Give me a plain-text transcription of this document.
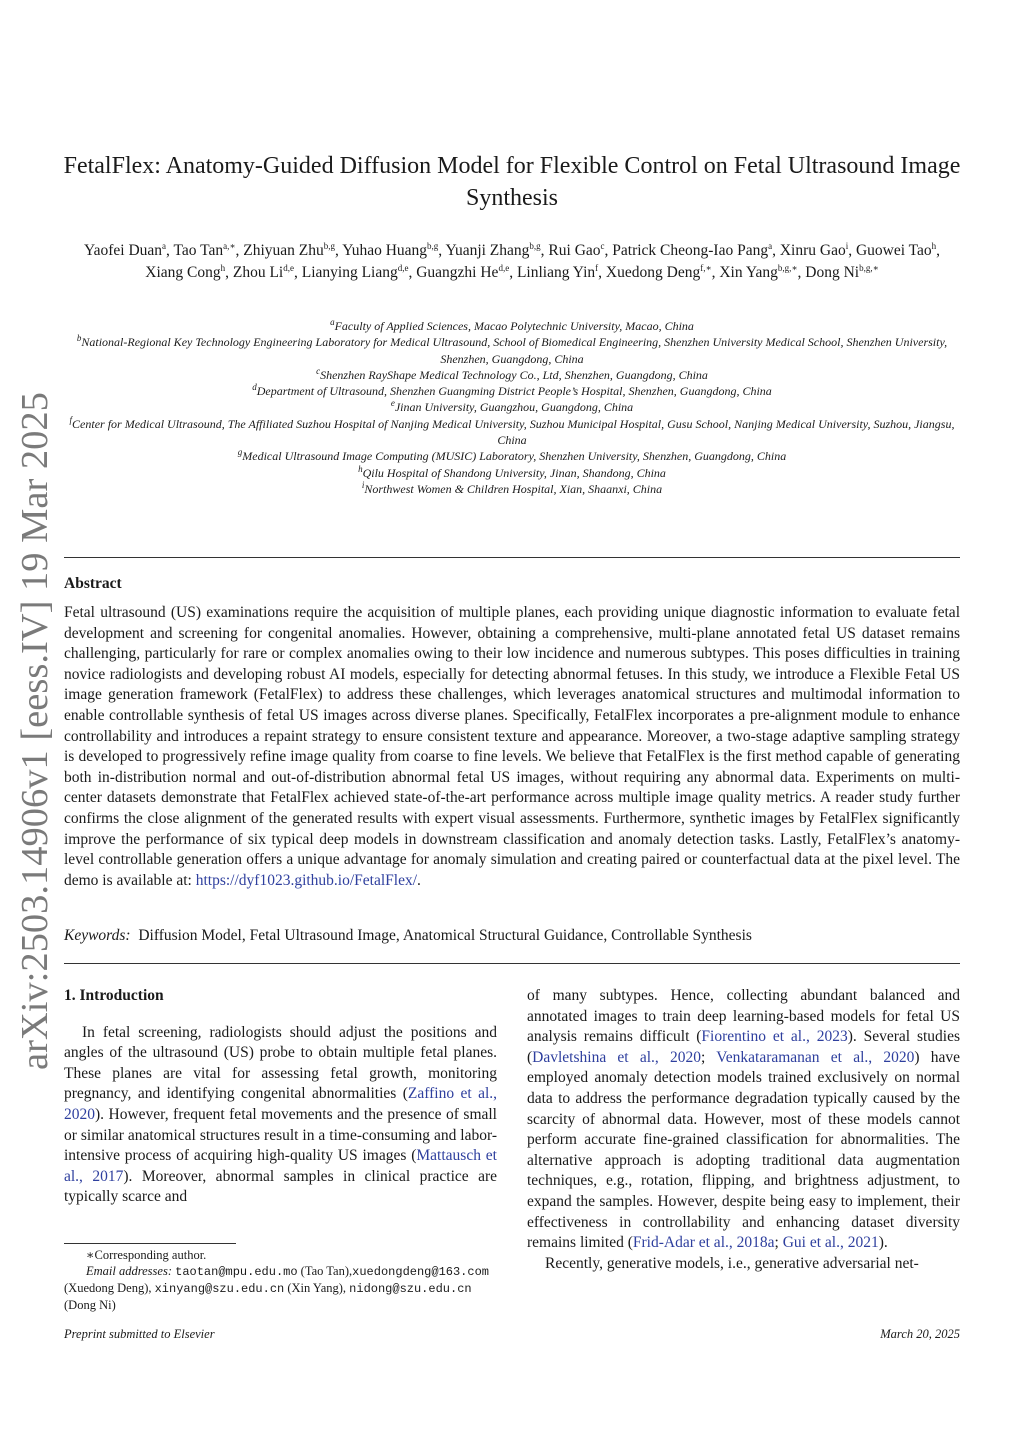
arXiv:2503.14906v1 [eess.IV] 19 Mar 2025
FetalFlex: Anatomy-Guided Diffusion Model for Flexible Control on Fetal Ultrasound Image Synthesis
Yaofei Duan$^a$, Tao Tan$^{a,∗}$, Zhiyuan Zhu$^{b,g}$, Yuhao Huang$^{b,g}$, Yuanji Zhang$^{b,g}$, Rui Gao$^c$, Patrick Cheong-Iao Pang$^a$, Xinru Gao$^i$, Guowei Tao$^h$, Xiang Cong$^h$, Zhou Li$^{d,e}$, Lianying Liang$^{d,e}$, Guangzhi He$^{d,e}$, Linliang Yin$^f$, Xuedong Deng$^{f,∗}$, Xin Yang$^{b,g,∗}$, Dong $Ni^{b,g,∗}$

$^a$Faculty of Applied Sciences, Macao Polytechnic University, Macao, China

$^b$National-Regional Key Technology Engineering Laboratory for Medical Ultrasound, School of Biomedical Engineering, Shenzhen University Medical School, Shenzhen University, Shenzhen, Guangdong, China

$^c$Shenzhen RayShape Medical Technology Co., Ltd, Shenzhen, Guangdong, China

$^d$Department of Ultrasound, Shenzhen Guangming District People’s Hospital, Shenzhen, Guangdong, China

$^e$Jinan University, Guangzhou, Guangdong, China

$^f$Center for Medical Ultrasound, The Affiliated Suzhou Hospital of Nanjing Medical University, Suzhou Municipal Hospital, Gusu School, Nanjing Medical University, Suzhou, Jiangsu, China

$^g$Medical Ultrasound Image Computing (MUSIC) Laboratory, Shenzhen University, Shenzhen, Guangdong, China

$^h$Qilu Hospital of Shandong University, Jinan, Shandong, China

$^i$Northwest Women & Children Hospital, Xian, Shaanxi, China

Abstract
Fetal ultrasound (US) examinations require the acquisition of multiple planes, each providing unique diagnostic information to evaluate fetal development and screening for congenital anomalies. However, obtaining a comprehensive, multi-plane annotated fetal US dataset remains challenging, particularly for rare or complex anomalies owing to their low incidence and numerous subtypes. This poses difficulties in training novice radiologists and developing robust AI models, especially for detecting abnormal fetuses. In this study, we introduce a Flexible Fetal US image generation framework (FetalFlex) to address these challenges, which leverages anatomical structures and multimodal information to enable controllable synthesis of fetal US images across diverse planes. Specifically, FetalFlex incorporates a pre-alignment module to enhance controllability and introduces a repaint strategy to ensure consistent texture and appearance. Moreover, a two-stage adaptive sampling strategy is developed to progressively refine image quality from coarse to fine levels. We believe that FetalFlex is the first method capable of generating both in-distribution normal and out-of-distribution abnormal fetal US images, without requiring any abnormal data. Experiments on multi-center datasets demonstrate that FetalFlex achieved state-of-the-art performance across multiple image quality metrics. A reader study further confirms the close alignment of the generated results with expert visual assessments. Furthermore, synthetic images by FetalFlex significantly improve the performance of six typical deep models in downstream classification and anomaly detection tasks. Lastly, FetalFlex’s anatomy-level controllable generation offers a unique advantage for anomaly simulation and creating paired or counterfactual data at the pixel level. The demo is available at: https://dyf1023.github.io/FetalFlex/.
Keywords: Diffusion Model, Fetal Ultrasound Image, Anatomical Structural Guidance, Controllable Synthesis

1. Introduction

In fetal screening, radiologists should adjust the positions and angles of the ultrasound (US) probe to obtain multiple fetal planes. These planes are vital for assessing fetal growth, monitoring pregnancy, and identifying congenital abnormalities (Zaffino et al., 2020). However, frequent fetal movements and the presence of small or similar anatomical structures result in a time-consuming and labor-intensive process of acquiring high-quality US images (Mattausch et al., 2017). Moreover, abnormal samples in clinical practice are typically scarce and

of many subtypes. Hence, collecting abundant balanced and annotated images to train deep learning-based models for fetal US analysis remains difficult (Fiorentino et al., 2023). Several studies (Davletshina et al., 2020; Venkataramanan et al., 2020) have employed anomaly detection models trained exclusively on normal data to address the performance degradation typically caused by the scarcity of abnormal data. However, most of these models cannot perform accurate fine-grained classification for abnormalities. The alternative approach is adopting traditional data augmentation techniques, e.g., rotation, flipping, and brightness adjustment, to expand the samples. However, despite being easy to implement, their effectiveness in controllability and enhancing dataset diversity remains limited (Frid-Adar et al., 2018a; Gui et al., 2021).

Recently, generative models, i.e., generative adversarial net-

∗Corresponding author.

Email addresses: taotan@mpu.edu.mo (Tao Tan),xuedongdeng@163.com (Xuedong Deng), xinyang@szu.edu.cn (Xin Yang), nidong@szu.edu.cn (Dong Ni)

Preprint submitted to Elsevier	March 20, 2025
